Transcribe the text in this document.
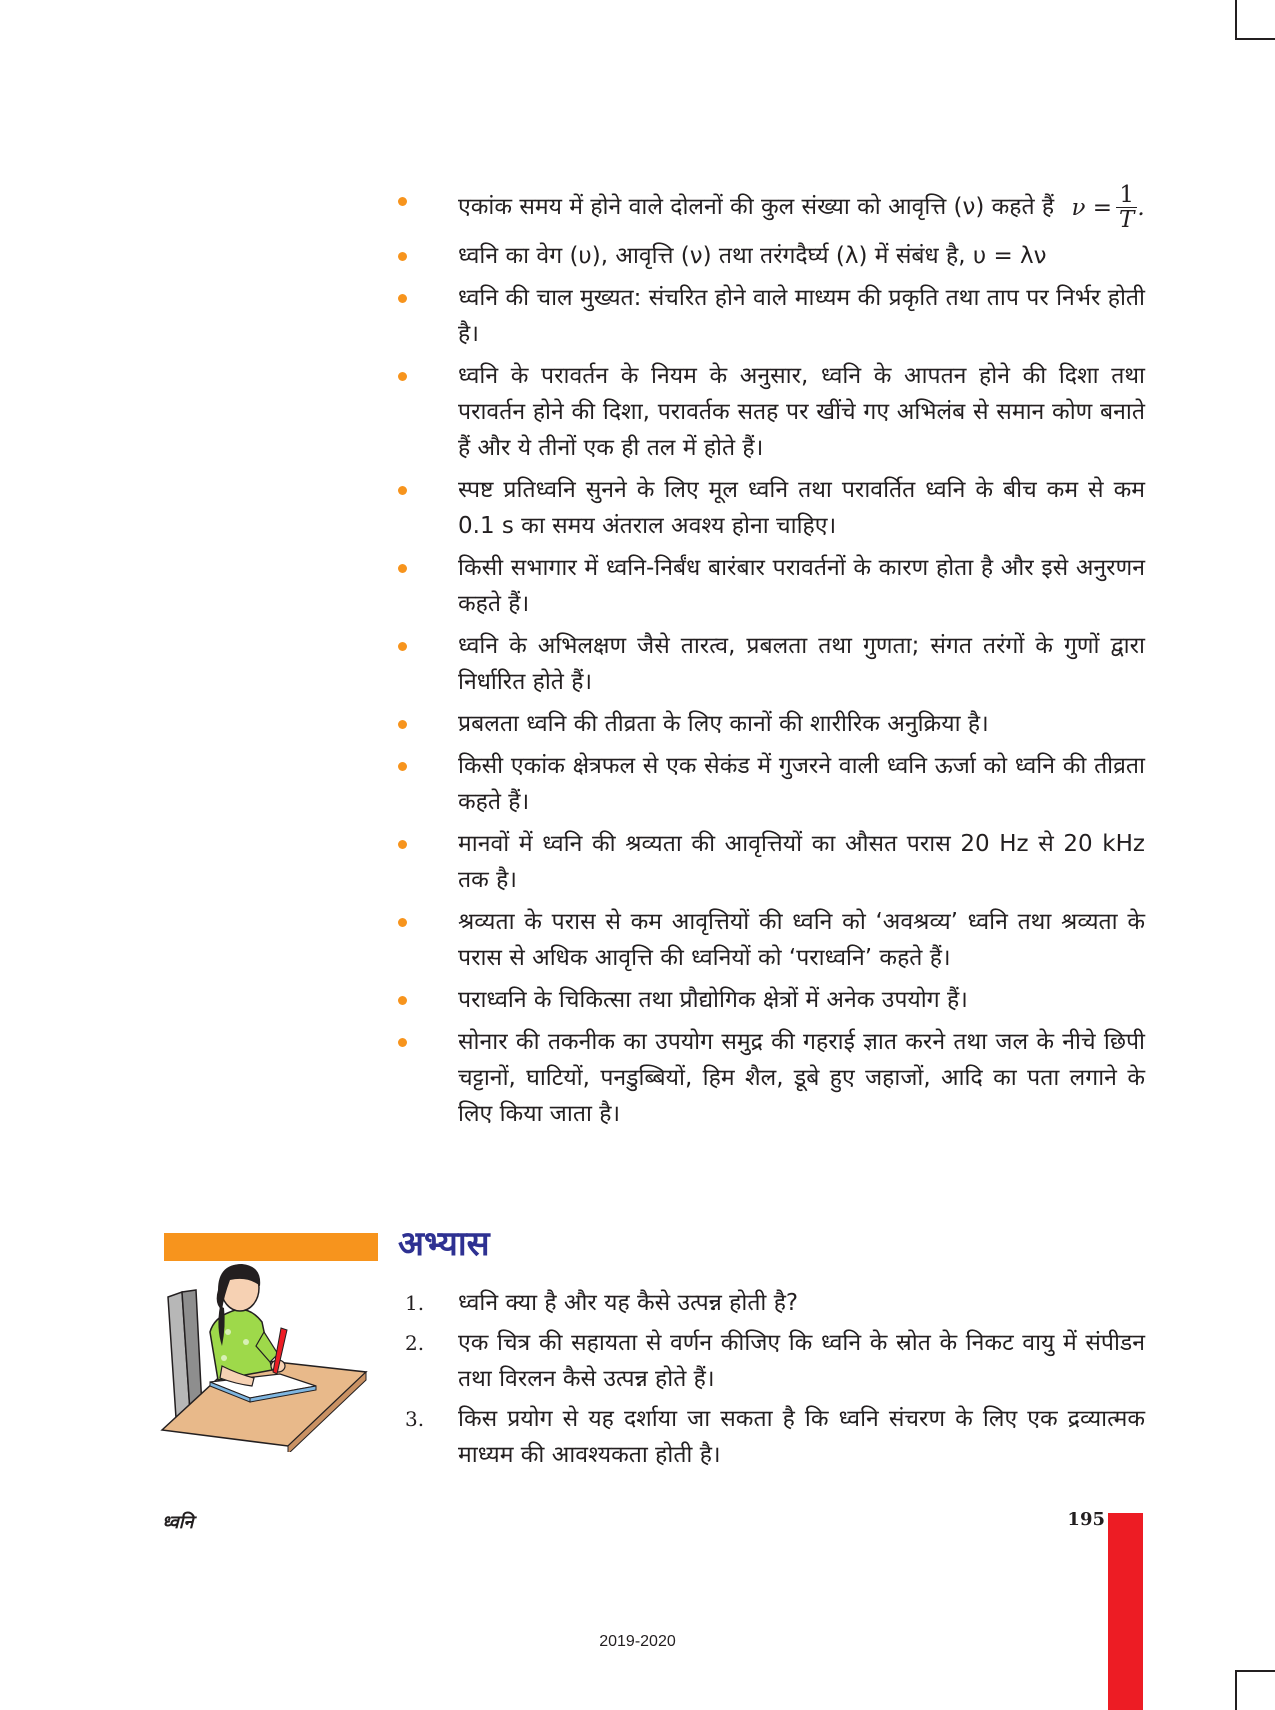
एकांक समय में होने वाले दोलनों की कुल संख्या को आवृत्ति (ν) कहते हैं $\nu = \frac{1}{T}$ .
ध्वनि का वेग (υ), आवृत्ति (ν) तथा तरंगदैर्घ्य (λ) में संबंध है, υ = λν
ध्वनि की चाल मुख्यत: संचरित होने वाले माध्यम की प्रकृति तथा ताप पर निर्भर होती है।
ध्वनि के परावर्तन के नियम के अनुसार, ध्वनि के आपतन होने की दिशा तथा परावर्तन होने की दिशा, परावर्तक सतह पर खींचे गए अभिलंब से समान कोण बनाते हैं और ये तीनों एक ही तल में होते हैं।
स्पष्ट प्रतिध्वनि सुनने के लिए मूल ध्वनि तथा परावर्तित ध्वनि के बीच कम से कम 0.1 s का समय अंतराल अवश्य होना चाहिए।
किसी सभागार में ध्वनि-निर्बंध बारंबार परावर्तनों के कारण होता है और इसे अनुरणन कहते हैं।
ध्वनि के अभिलक्षण जैसे तारत्व, प्रबलता तथा गुणता; संगत तरंगों के गुणों द्वारा निर्धारित होते हैं।
प्रबलता ध्वनि की तीव्रता के लिए कानों की शारीरिक अनुक्रिया है।
किसी एकांक क्षेत्रफल से एक सेकंड में गुजरने वाली ध्वनि ऊर्जा को ध्वनि की तीव्रता कहते हैं।
मानवों में ध्वनि की श्रव्यता की आवृत्तियों का औसत परास 20 Hz से 20 kHz तक है।
श्रव्यता के परास से कम आवृत्तियों की ध्वनि को ‘अवश्रव्य’ ध्वनि तथा श्रव्यता के परास से अधिक आवृत्ति की ध्वनियों को ‘पराध्वनि’ कहते हैं।
पराध्वनि के चिकित्सा तथा प्रौद्योगिक क्षेत्रों में अनेक उपयोग हैं।
सोनार की तकनीक का उपयोग समुद्र की गहराई ज्ञात करने तथा जल के नीचे छिपी चट्टानों, घाटियों, पनडुब्बियों, हिम शैल, डूबे हुए जहाजों, आदि का पता लगाने के लिए किया जाता है।
अभ्यास
1. ध्वनि क्या है और यह कैसे उत्पन्न होती है?
2. एक चित्र की सहायता से वर्णन कीजिए कि ध्वनि के स्रोत के निकट वायु में संपीडन तथा विरलन कैसे उत्पन्न होते हैं।
3. किस प्रयोग से यह दर्शाया जा सकता है कि ध्वनि संचरण के लिए एक द्रव्यात्मक माध्यम की आवश्यकता होती है।
ध्वनि	195
2019-2020
